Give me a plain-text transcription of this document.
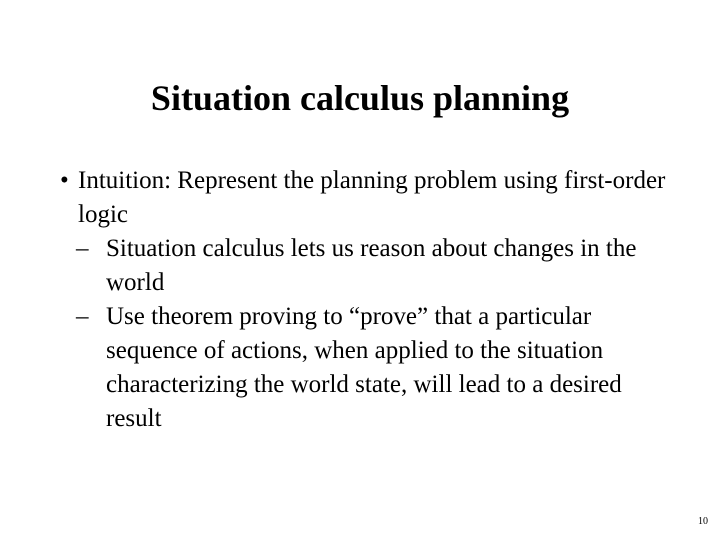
Situation calculus planning
• Intuition: Represent the planning problem using first-order logic
– Situation calculus lets us reason about changes in the world
– Use theorem proving to “prove” that a particular sequence of actions, when applied to the situation characterizing the world state, will lead to a desired result
10
